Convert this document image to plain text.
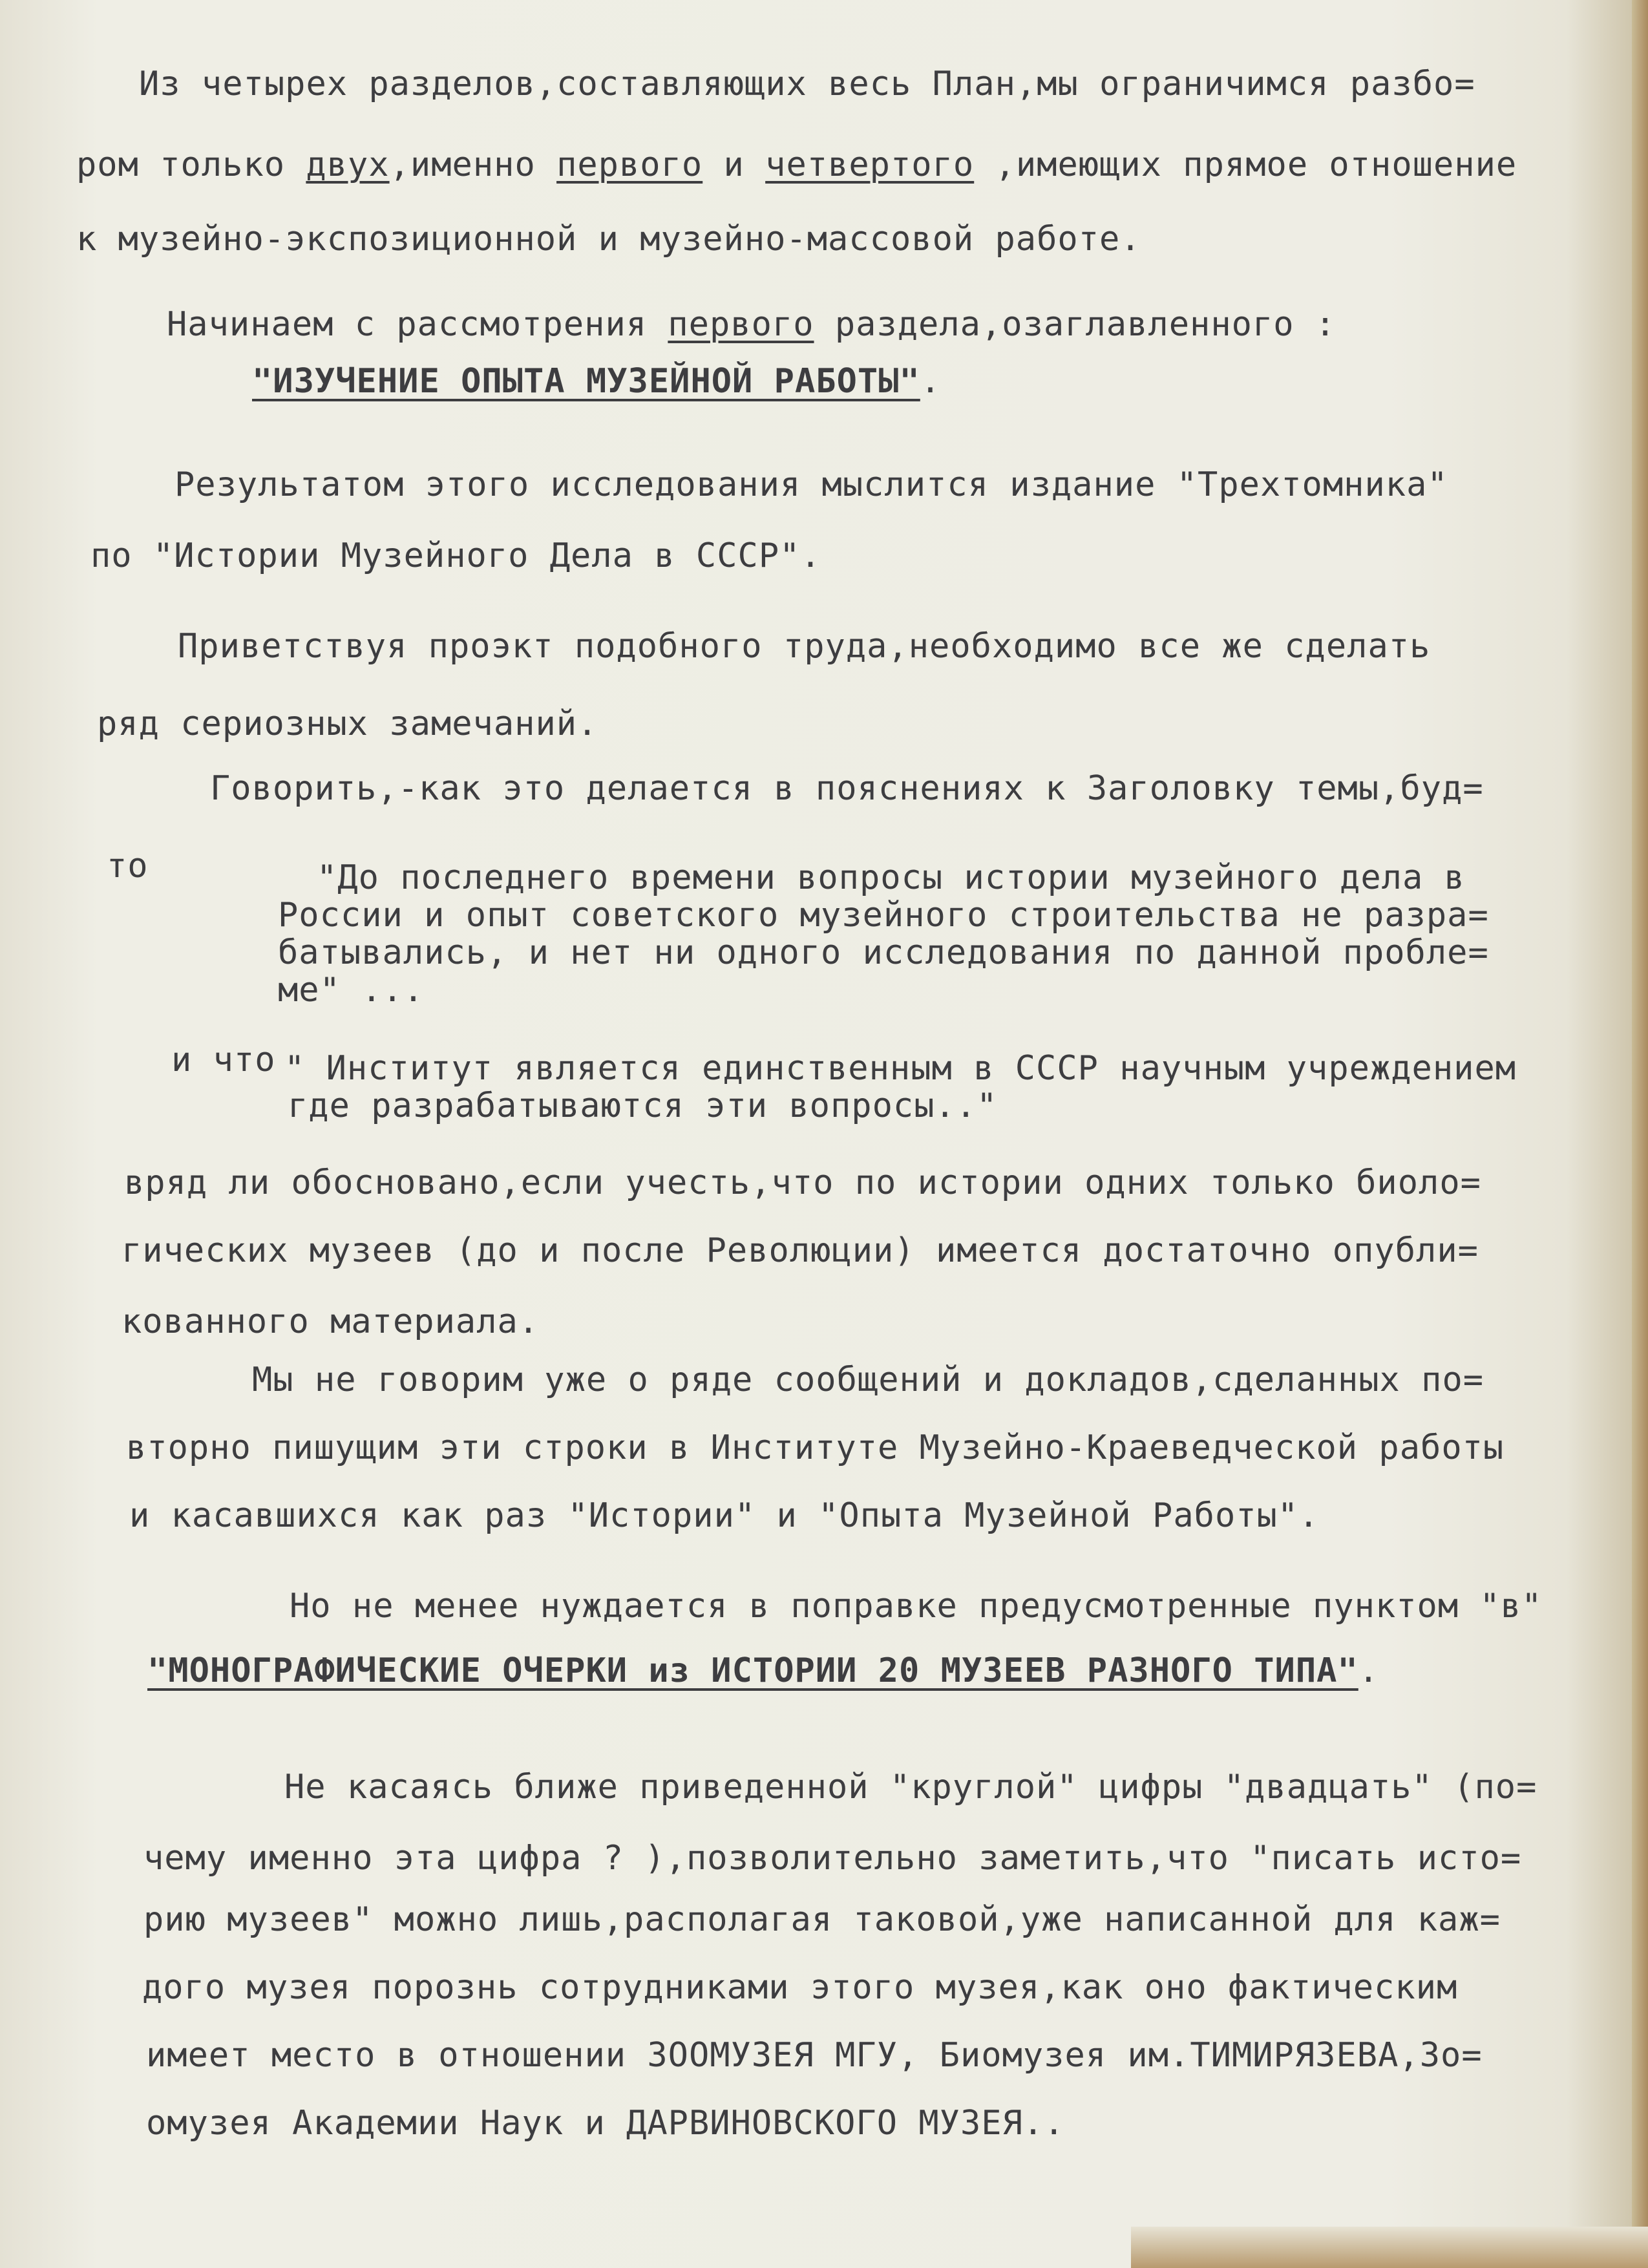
Из четырех разделов,составляющих весь План,мы ограничимся разбо=
ром только двух,именно первого и четвертого ,имеющих прямое отношение
к музейно-экспозиционной и музейно-массовой работе.
Начинаем с рассмотрения первого раздела,озаглавленного :
"ИЗУЧЕНИЕ ОПЫТА МУЗЕЙНОЙ РАБОТЫ".
Результатом этого исследования мыслится издание "Трехтомника"
по "Истории Музейного Дела в СССР".
Приветствуя проэкт подобного труда,необходимо все же сделать
ряд сериозных замечаний.
Говорить,-как это делается в пояснениях к Заголовку темы,буд=
то	"До последнего времени вопросы истории музейного дела в
России и опыт советского музейного строительства не разра=
батывались, и нет ни одного исследования по данной пробле=
ме" ...
и что " Институт является единственным в СССР научным учреждением
где разрабатываются эти вопросы.."
вряд ли обосновано,если учесть,что по истории одних только биоло=
гических музеев (до и после Революции) имеется достаточно опубли=
кованного материала.
Мы не говорим уже о ряде сообщений и докладов,сделанных по=
вторно пишущим эти строки в Институте Музейно-Краеведческой работы
и касавшихся как раз "Истории" и "Опыта Музейной Работы".
Но не менее нуждается в поправке предусмотренные пунктом "в"
"МОНОГРАФИЧЕСКИЕ ОЧЕРКИ из ИСТОРИИ 20 МУЗЕЕВ РАЗНОГО ТИПА".
Не касаясь ближе приведенной "круглой" цифры "двадцать" (по=
чему именно эта цифра ? ),позволительно заметить,что "писать исто=
рию музеев" можно лишь,располагая таковой,уже написанной для каж=
дого музея порознь сотрудниками этого музея,как оно фактическим
имеет место в отношении ЗООМУЗЕЯ МГУ, Биомузея им.ТИМИРЯЗЕВА,Зо=
омузея Академии Наук и ДАРВИНОВСКОГО МУЗЕЯ..
